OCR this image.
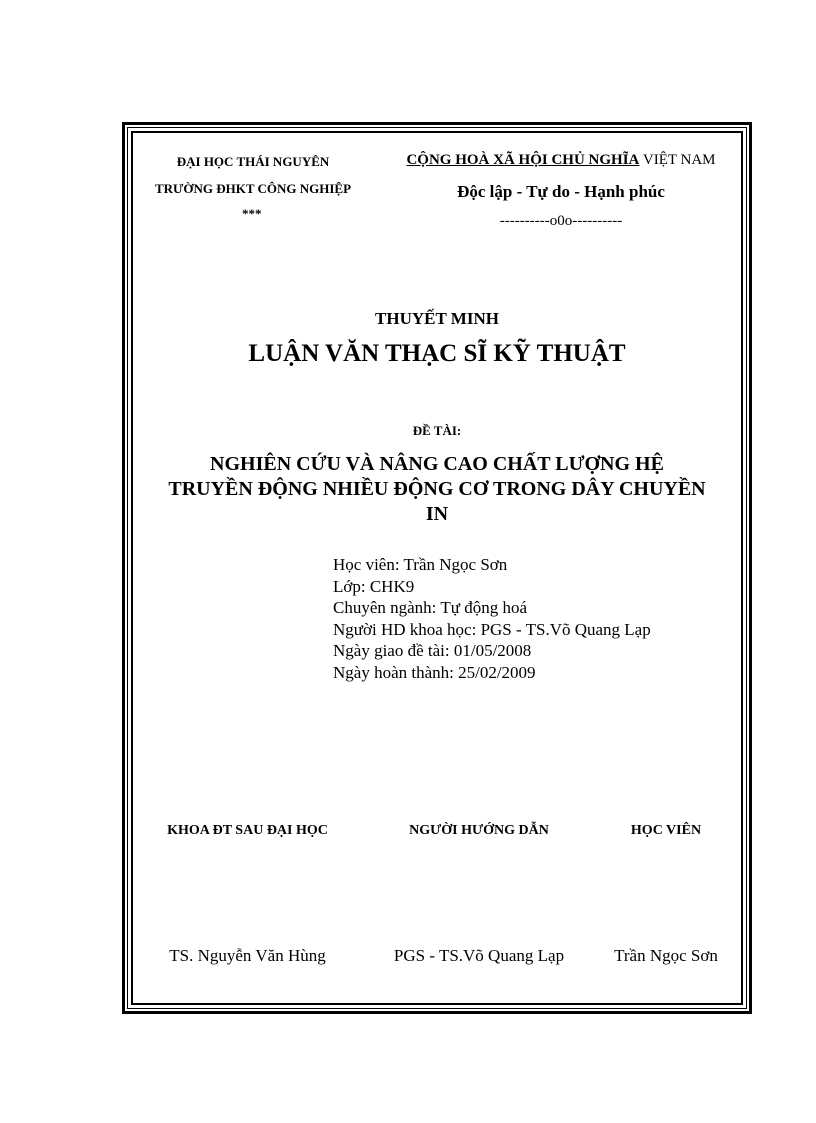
ĐẠI HỌC THÁI NGUYÊN
TRƯỜNG ĐHKT CÔNG NGHIỆP
***
CỘNG HOÀ XÃ HỘI CHỦ NGHĨA VIỆT NAM
Độc lập - Tự do - Hạnh phúc
----------o0o----------
THUYẾT MINH
LUẬN VĂN THẠC SĨ KỸ THUẬT
ĐỀ TÀI:
NGHIÊN CỨU VÀ NÂNG CAO CHẤT LƯỢNG HỆ
TRUYỀN ĐỘNG NHIỀU ĐỘNG CƠ TRONG DÂY CHUYỀN
IN
Học viên: Trần Ngọc Sơn
Lớp: CHK9
Chuyên ngành: Tự động hoá
Người HD khoa học: PGS - TS.Võ Quang Lạp
Ngày giao đề tài: 01/05/2008
Ngày hoàn thành: 25/02/2009
KHOA ĐT SAU ĐẠI HỌC	NGƯỜI HƯỚNG DẪN	HỌC VIÊN
TS. Nguyễn Văn Hùng	PGS - TS.Võ Quang Lạp	Trần Ngọc Sơn
